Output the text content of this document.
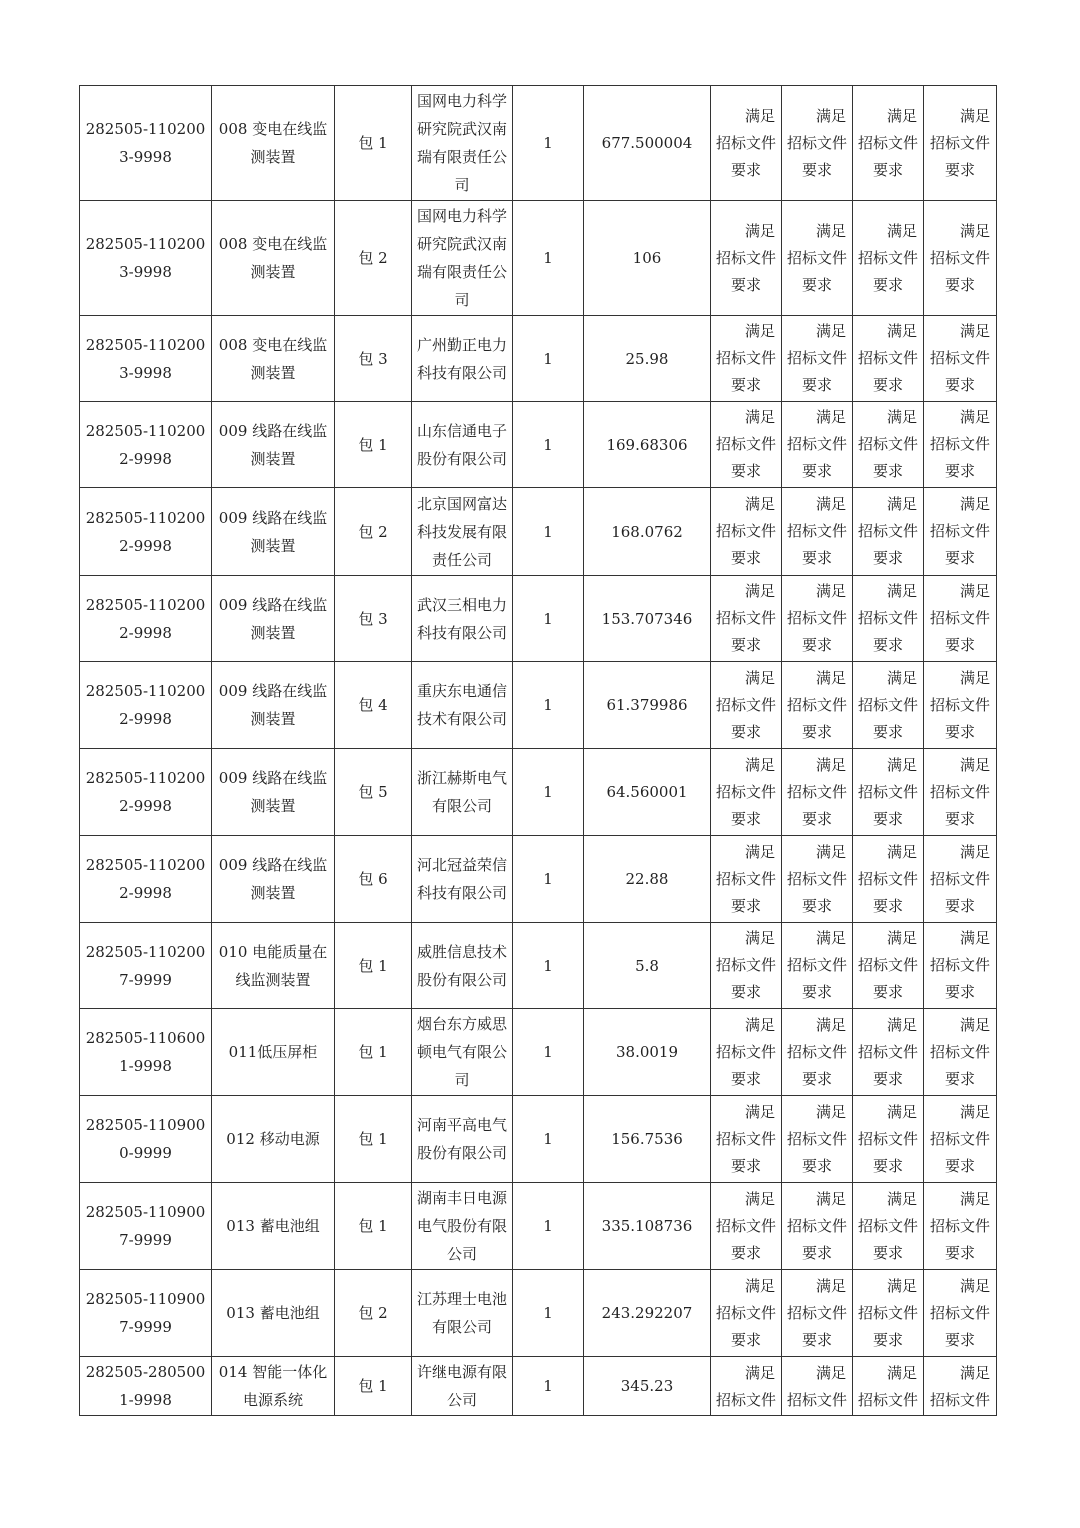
282505-1102003-9998	008 变电在线监测装置	包 1	国网电力科学研究院武汉南瑞有限责任公司	1	677.500004	满足
招标文件
要求	满足
招标文件
要求	满足
招标文件
要求	满足
招标文件
要求

282505-1102003-9998	008 变电在线监测装置	包 2	国网电力科学研究院武汉南瑞有限责任公司	1	106	满足
招标文件
要求	满足
招标文件
要求	满足
招标文件
要求	满足
招标文件
要求

282505-1102003-9998	008 变电在线监测装置	包 3	广州勤正电力科技有限公司	1	25.98	满足
招标文件
要求	满足
招标文件
要求	满足
招标文件
要求	满足
招标文件
要求

282505-1102002-9998	009 线路在线监测装置	包 1	山东信通电子股份有限公司	1	169.68306	满足
招标文件
要求	满足
招标文件
要求	满足
招标文件
要求	满足
招标文件
要求

282505-1102002-9998	009 线路在线监测装置	包 2	北京国网富达科技发展有限责任公司	1	168.0762	满足
招标文件
要求	满足
招标文件
要求	满足
招标文件
要求	满足
招标文件
要求

282505-1102002-9998	009 线路在线监测装置	包 3	武汉三相电力科技有限公司	1	153.707346	满足
招标文件
要求	满足
招标文件
要求	满足
招标文件
要求	满足
招标文件
要求

282505-1102002-9998	009 线路在线监测装置	包 4	重庆东电通信技术有限公司	1	61.379986	满足
招标文件
要求	满足
招标文件
要求	满足
招标文件
要求	满足
招标文件
要求

282505-1102002-9998	009 线路在线监测装置	包 5	浙江赫斯电气有限公司	1	64.560001	满足
招标文件
要求	满足
招标文件
要求	满足
招标文件
要求	满足
招标文件
要求

282505-1102002-9998	009 线路在线监测装置	包 6	河北冠益荣信科技有限公司	1	22.88	满足
招标文件
要求	满足
招标文件
要求	满足
招标文件
要求	满足
招标文件
要求

282505-1102007-9999	010 电能质量在线监测装置	包 1	威胜信息技术股份有限公司	1	5.8	满足
招标文件
要求	满足
招标文件
要求	满足
招标文件
要求	满足
招标文件
要求

282505-1106001-9998	011低压屏柜	包 1	烟台东方威思顿电气有限公司	1	38.0019	满足
招标文件
要求	满足
招标文件
要求	满足
招标文件
要求	满足
招标文件
要求

282505-1109000-9999	012 移动电源	包 1	河南平高电气股份有限公司	1	156.7536	满足
招标文件
要求	满足
招标文件
要求	满足
招标文件
要求	满足
招标文件
要求

282505-1109007-9999	013 蓄电池组	包 1	湖南丰日电源电气股份有限公司	1	335.108736	满足
招标文件
要求	满足
招标文件
要求	满足
招标文件
要求	满足
招标文件
要求

282505-1109007-9999	013 蓄电池组	包 2	江苏理士电池有限公司	1	243.292207	满足
招标文件
要求	满足
招标文件
要求	满足
招标文件
要求	满足
招标文件
要求

282505-2805001-9998	014 智能一体化电源系统	包 1	许继电源有限公司	1	345.23	满足
招标文件	满足
招标文件	满足
招标文件	满足
招标文件
